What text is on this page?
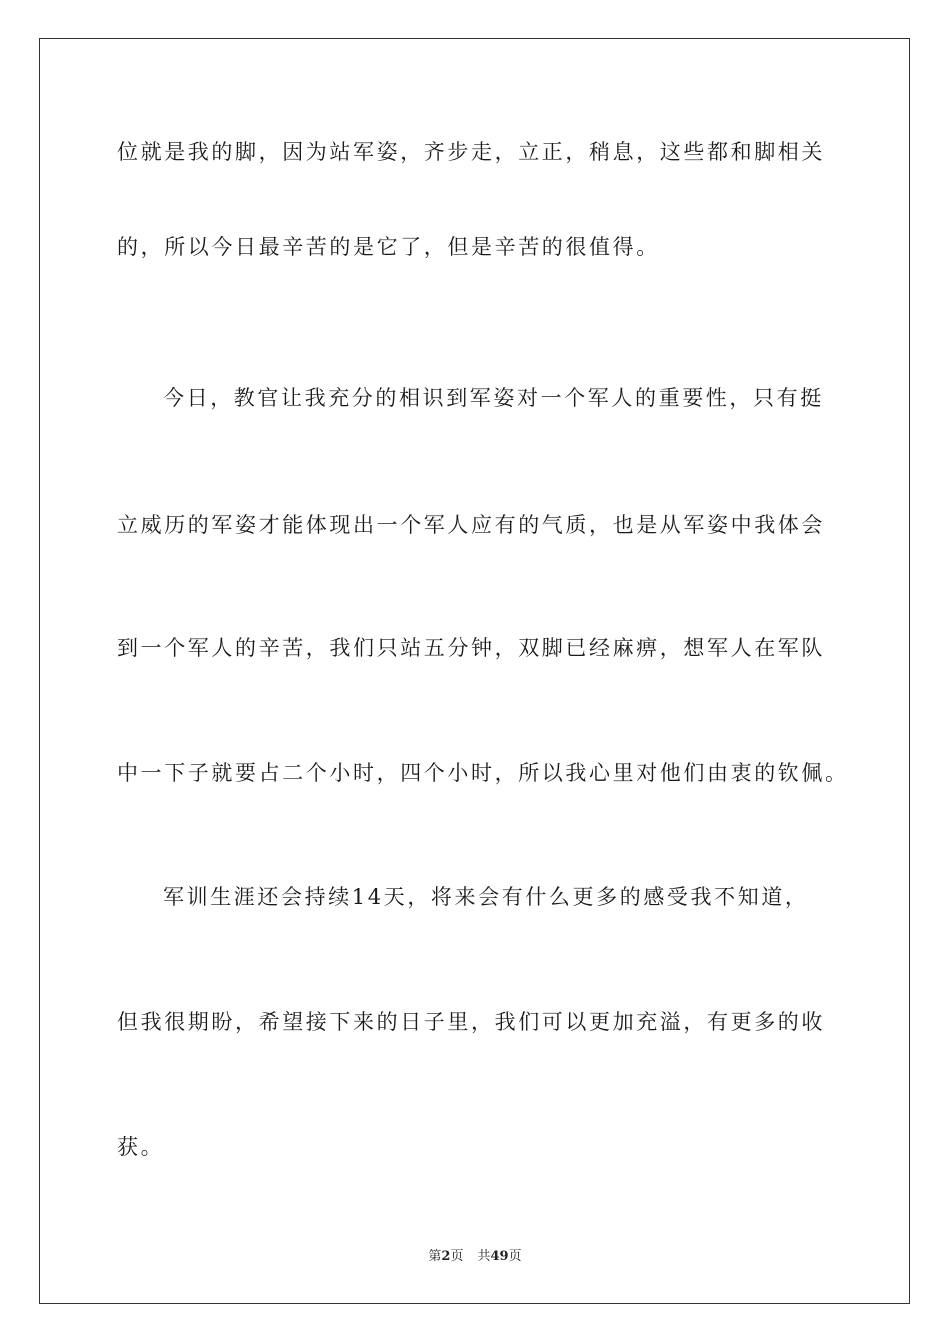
位就是我的脚，因为站军姿，齐步走，立正，稍息，这些都和脚相关

的，所以今日最辛苦的是它了，但是辛苦的很值得。

今日，教官让我充分的相识到军姿对一个军人的重要性，只有挺

立威历的军姿才能体现出一个军人应有的气质，也是从军姿中我体会

到一个军人的辛苦，我们只站五分钟，双脚已经麻痹，想军人在军队

中一下子就要占二个小时，四个小时，所以我心里对他们由衷的钦佩。

军训生涯还会持续14天，将来会有什么更多的感受我不知道，

但我很期盼，希望接下来的日子里，我们可以更加充溢，有更多的收

获。

第2页 共49页
